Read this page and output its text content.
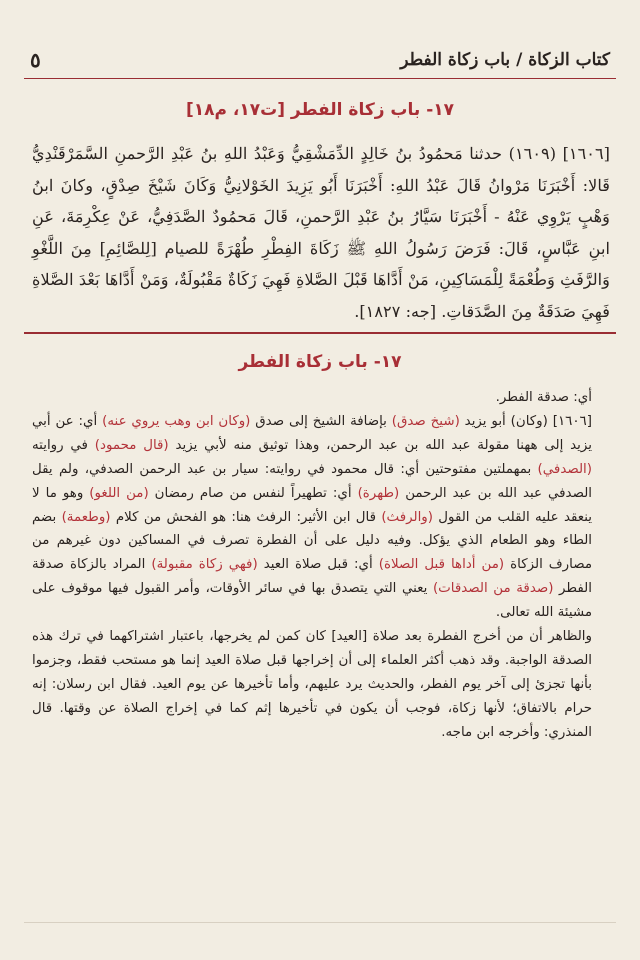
كتاب الزكاة / باب زكاة الفطر
٥
١٧- باب زكاة الفطر [ت١٧، م١٨]
[١٦٠٦] (١٦٠٩) حدثنا مَحمُودُ بنُ خَالِدٍ الدِّمَشْقِيُّ وَعَبْدُ اللهِ بنُ عَبْدِ الرَّحمنِ السَّمَرْقَنْدِيُّ قَالا: أَخْبَرَنَا مَرْوانُ قَالَ عَبْدُ اللهِ: أَخْبَرَنَا أَبُو يَزِيدَ الخَوْلانِيُّ وَكَانَ شَيْخَ صِدْقٍ، وكانَ ابنُ وَهْبٍ يَرْوِي عَنْهُ - أَخْبَرَنَا سَيَّارُ بنُ عَبْدِ الرَّحمنِ، قَالَ مَحمُودٌ الصَّدَفِيُّ، عَنْ عِكْرِمَةَ، عَنِ ابنِ عَبَّاسٍ، قَالَ: فَرَضَ رَسُولُ اللهِ ﷺ زَكَاةَ الفِطْرِ طُهْرَةً للصيام [لِلصَّائِمِ] مِنَ اللَّغْوِ وَالرَّفَثِ وَطُعْمَةً لِلْمَسَاكِينِ، مَنْ أَدَّاهَا قَبْلَ الصَّلاةِ فَهِيَ زَكَاةٌ مَقْبُولَةٌ، وَمَنْ أَدَّاهَا بَعْدَ الصَّلاةِ فَهِيَ صَدَقَةٌ مِنَ الصَّدَقاتِ. [جه: ١٨٢٧].
١٧- باب زكاة الفطر

أي: صدقة الفطر.

[١٦٠٦] (وكان) أبو يزيد (شيخ صدق) بإضافة الشيخ إلى صدق (وكان ابن وهب يروي عنه) أي: عن أبي يزيد إلى ههنا مقولة عبد الله بن عبد الرحمن، وهذا توثيق منه لأبي يزيد (قال محمود) في روايته (الصدفي) بمهملتين مفتوحتين أي: قال محمود في روايته: سيار بن عبد الرحمن الصدفي، ولم يقل الصدفي عبد الله بن عبد الرحمن (طهرة) أي: تطهيراً لنفس من صام رمضان (من اللغو) وهو ما لا ينعقد عليه القلب من القول (والرفث) قال ابن الأثير: الرفث هنا: هو الفحش من كلام (وطعمة) بضم الطاء وهو الطعام الذي يؤكل. وفيه دليل على أن الفطرة تصرف في المساكين دون غيرهم من مصارف الزكاة (من أداها قبل الصلاة) أي: قبل صلاة العيد (فهي زكاة مقبولة) المراد بالزكاة صدقة الفطر (صدقة من الصدقات) يعني التي يتصدق بها في سائر الأوقات، وأمر القبول فيها موقوف على مشيئة الله تعالى.

والظاهر أن من أخرج الفطرة بعد صلاة [العيد] كان كمن لم يخرجها، باعتبار اشتراكهما في ترك هذه الصدقة الواجبة. وقد ذهب أكثر العلماء إلى أن إخراجها قبل صلاة العيد إنما هو مستحب فقط، وجزموا بأنها تجزئ إلى آخر يوم الفطر، والحديث يرد عليهم، وأما تأخيرها عن يوم العيد. فقال ابن رسلان: إنه حرام بالاتفاق؛ لأنها زكاة، فوجب أن يكون في تأخيرها إثم كما في إخراج الصلاة عن وقتها. قال المنذري: وأخرجه ابن ماجه.
